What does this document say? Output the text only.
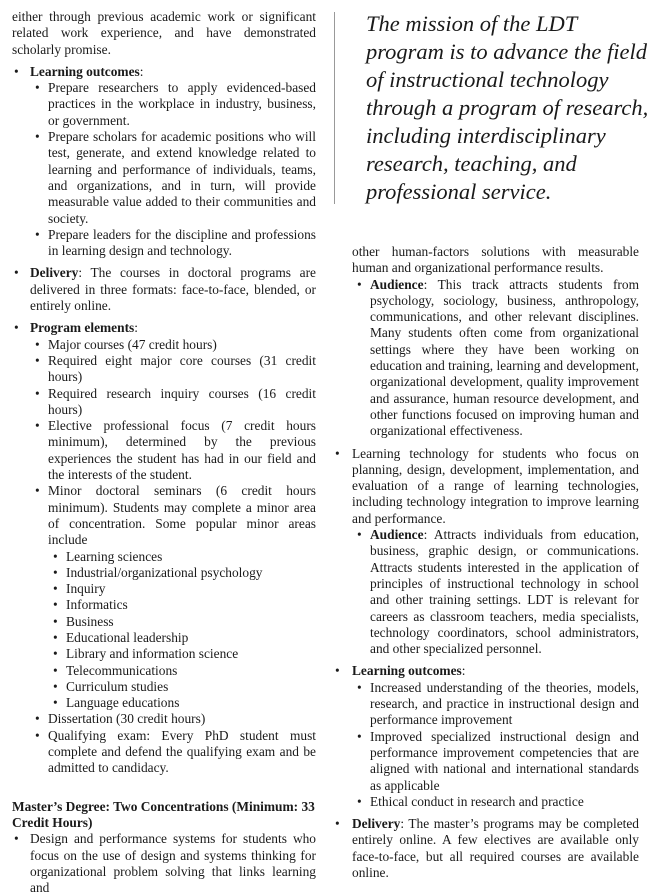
either through previous academic work or significant related work experience, and have demonstrated scholarly promise.

• Learning outcomes:
• Prepare researchers to apply evidenced-based practices in the workplace in industry, business, or government.
• Prepare scholars for academic positions who will test, generate, and extend knowledge related to learning and performance of individuals, teams, and organizations, and in turn, will provide measurable value added to their communities and society.
• Prepare leaders for the discipline and professions in learning design and technology.
• Delivery: The courses in doctoral programs are delivered in three formats: face-to-face, blended, or entirely online.
• Program elements:
• Major courses (47 credit hours)
• Required eight major core courses (31 credit hours)
• Required research inquiry courses (16 credit hours)
• Elective professional focus (7 credit hours minimum), determined by the previous experiences the student has had in our field and the interests of the student.
• Minor doctoral seminars (6 credit hours minimum). Students may complete a minor area of concentration. Some popular minor areas include
• Learning sciences
• Industrial/organizational psychology
• Inquiry
• Informatics
• Business
• Educational leadership
• Library and information science
• Telecommunications
• Curriculum studies
• Language educations
• Dissertation (30 credit hours)
• Qualifying exam: Every PhD student must complete and defend the qualifying exam and be admitted to candidacy.
Master’s Degree: Two Concentrations (Minimum: 33 Credit Hours)
• Design and performance systems for students who focus on the use of design and systems thinking for organizational problem solving that links learning and
The mission of the LDT program is to advance the field of instructional technology through a program of research, including interdisciplinary research, teaching, and professional service.

other human-factors solutions with measurable human and organizational performance results.

• Audience: This track attracts students from psychology, sociology, business, anthropology, communications, and other relevant disciplines. Many students often come from organizational settings where they have been working on education and training, learning and development, organizational development, quality improvement and assurance, human resource development, and other functions focused on improving human and organizational effectiveness.
• Learning technology for students who focus on planning, design, development, implementation, and evaluation of a range of learning technologies, including technology integration to improve learning and performance.
• Audience: Attracts individuals from education, business, graphic design, or communications. Attracts students interested in the application of principles of instructional technology in school and other training settings. LDT is relevant for careers as classroom teachers, media specialists, technology coordinators, school administrators, and other specialized personnel.
• Learning outcomes:
• Increased understanding of the theories, models, research, and practice in instructional design and performance improvement
• Improved specialized instructional design and performance improvement competencies that are aligned with national and international standards as applicable
• Ethical conduct in research and practice
• Delivery: The master’s programs may be completed entirely online. A few electives are available only face-to-face, but all required courses are available online.
